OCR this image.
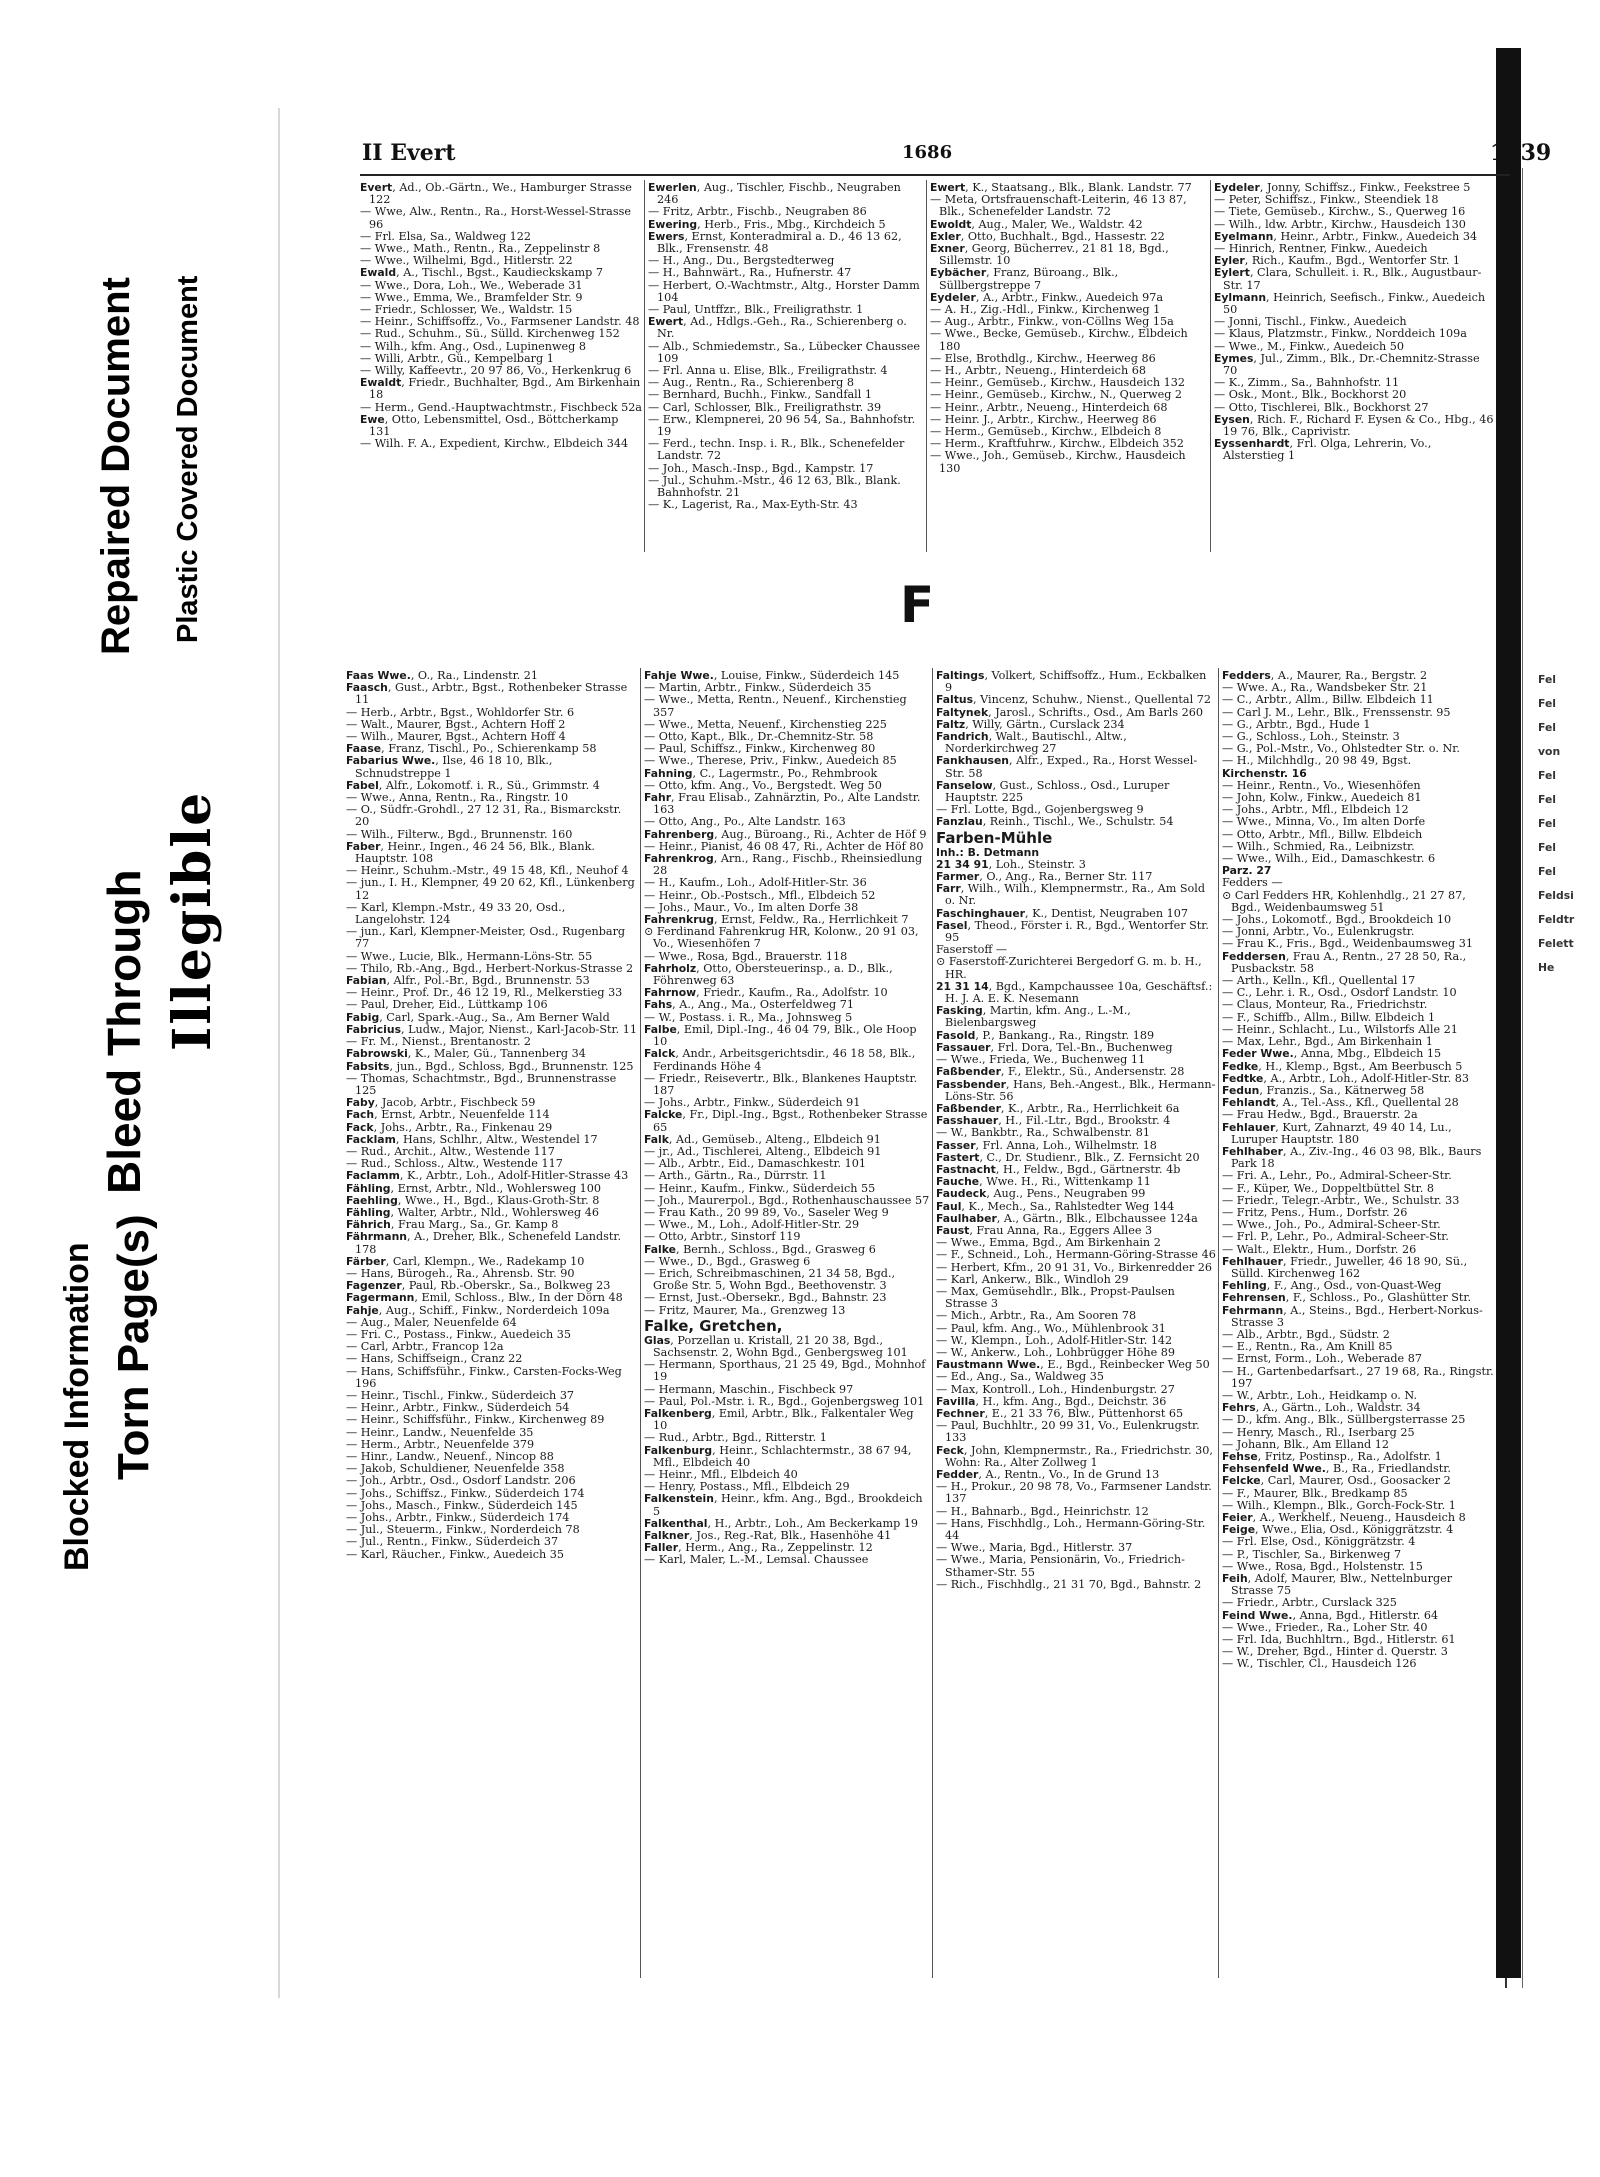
Blocked Information Torn Page(s)
Bleed Through Illegible
Repaired Document Plastic Covered Document
II Evert	1686	1939
Evert, Ad., Ob.-Gärtn., We., Hamburger Strasse 122
— Wwe, Alw., Rentn., Ra., Horst-Wessel-Strasse 96
— Frl. Elsa, Sa., Waldweg 122
— Wwe., Math., Rentn., Ra., Zeppelinstr 8
— Wwe., Wilhelmi, Bgd., Hitlerstr. 22
Ewald, A., Tischl., Bgst., Kaudieckskamp 7
— Wwe., Dora, Loh., We., Weberade 31
— Wwe., Emma, We., Bramfelder Str. 9
— Friedr., Schlosser, We., Waldstr. 15
— Heinr., Schiffsoffz., Vo., Farmsener Landstr. 48
— Rud., Schuhm., Sü., Sülld. Kirchenweg 152
— Wilh., kfm. Ang., Osd., Lupinenweg 8
— Willi, Arbtr., Gü., Kempelbarg 1
— Willy, Kaffeevtr., 20 97 86, Vo., Herkenkrug 6
Ewaldt, Friedr., Buchhalter, Bgd., Am Birkenhain 18
— Herm., Gend.-Hauptwachtmstr., Fischbeck 52a
Ewe, Otto, Lebensmittel, Osd., Böttcherkamp 131
— Wilh. F. A., Expedient, Kirchw., Elbdeich 344
Ewerlen, Aug., Tischler, Fischb., Neugraben 246
— Fritz, Arbtr., Fischb., Neugraben 86
Ewering, Herb., Fris., Mbg., Kirchdeich 5
Ewers, Ernst, Konteradmiral a. D., 46 13 62, Blk., Frensenstr. 48
— H., Ang., Du., Bergstedterweg
— H., Bahnwärt., Ra., Hufnerstr. 47
— Herbert, O.-Wachtmstr., Altg., Horster Damm 104
— Paul, Untffzr., Blk., Freiligrathstr. 1
Ewert, Ad., Hdlgs.-Geh., Ra., Schierenberg o. Nr.
— Alb., Schmiedemstr., Sa., Lübecker Chaussee 109
— Frl. Anna u. Elise, Blk., Freiligrathstr. 4
— Aug., Rentn., Ra., Schierenberg 8
— Bernhard, Buchh., Finkw., Sandfall 1
— Carl, Schlosser, Blk., Freiligrathstr. 39
— Erw., Klempnerei, 20 96 54, Sa., Bahnhofstr. 19
— Ferd., techn. Insp. i. R., Blk., Schenefelder Landstr. 72
— Joh., Masch.-Insp., Bgd., Kampstr. 17
— Jul., Schuhm.-Mstr., 46 12 63, Blk., Blank. Bahnhofstr. 21
— K., Lagerist, Ra., Max-Eyth-Str. 43
Ewert, K., Staatsang., Blk., Blank. Landstr. 77
— Meta, Ortsfrauenschaft-Leiterin, 46 13 87, Blk., Schenefelder Landstr. 72
Ewoldt, Aug., Maler, We., Waldstr. 42
Exler, Otto, Buchhalt., Bgd., Hassestr. 22
Exner, Georg, Bücherrev., 21 81 18, Bgd., Sillemstr. 10
Eybächer, Franz, Büroang., Blk., Süllbergstreppe 7
Eydeler, A., Arbtr., Finkw., Auedeich 97a
— A. H., Zig.-Hdl., Finkw., Kirchenweg 1
— Aug., Arbtr., Finkw., von-Cöllns Weg 15a
— Wwe., Becke, Gemüseb., Kirchw., Elbdeich 180
— Else, Brothdlg., Kirchw., Heerweg 86
— H., Arbtr., Neueng., Hinterdeich 68
— Heinr., Gemüseb., Kirchw., Hausdeich 132
— Heinr., Gemüseb., Kirchw., N., Querweg 2
— Heinr., Arbtr., Neueng., Hinterdeich 68
— Heinr. J., Arbtr., Kirchw., Heerweg 86
— Herm., Gemüseb., Kirchw., Elbdeich 8
— Herm., Kraftfuhrw., Kirchw., Elbdeich 352
— Wwe., Joh., Gemüseb., Kirchw., Hausdeich 130
Eydeler, Jonny, Schiffsz., Finkw., Feekstree 5
— Peter, Schiffsz., Finkw., Steendiek 18
— Tiete, Gemüseb., Kirchw., S., Querweg 16
— Wilh., ldw. Arbtr., Kirchw., Hausdeich 130
Eyelmann, Heinr., Arbtr., Finkw., Auedeich 34
— Hinrich, Rentner, Finkw., Auedeich
Eyler, Rich., Kaufm., Bgd., Wentorfer Str. 1
Eylert, Clara, Schulleit. i. R., Blk., Augustbaur-Str. 17
Eylmann, Heinrich, Seefisch., Finkw., Auedeich 50
— Jonni, Tischl., Finkw., Auedeich
— Klaus, Platzmstr., Finkw., Norddeich 109a
— Wwe., M., Finkw., Auedeich 50
Eymes, Jul., Zimm., Blk., Dr.-Chemnitz-Strasse 70
— K., Zimm., Sa., Bahnhofstr. 11
— Osk., Mont., Blk., Bockhorst 20
— Otto, Tischlerei, Blk., Bockhorst 27
Eysen, Rich. F., Richard F. Eysen & Co., Hbg., 46 19 76, Blk., Caprivistr.
Eyssenhardt, Frl. Olga, Lehrerin, Vo., Alsterstieg 1
F
Faas Wwe., O., Ra., Lindenstr. 21
Faasch, Gust., Arbtr., Bgst., Rothenbeker Strasse 11
— Herb., Arbtr., Bgst., Wohldorfer Str. 6
— Walt., Maurer, Bgst., Achtern Hoff 2
— Wilh., Maurer, Bgst., Achtern Hoff 4
Faase, Franz, Tischl., Po., Schierenkamp 58
Fabarius Wwe., Ilse, 46 18 10, Blk., Schnudstreppe 1
Fabel, Alfr., Lokomotf. i. R., Sü., Grimmstr. 4
— Wwe., Anna, Rentn., Ra., Ringstr. 10
— O., Südfr.-Grohdl., 27 12 31, Ra., Bismarckstr. 20
— Wilh., Filterw., Bgd., Brunnenstr. 160
Faber, Heinr., Ingen., 46 24 56, Blk., Blank. Hauptstr. 108
— Heinr., Schuhm.-Mstr., 49 15 48, Kfl., Neuhof 4
— jun., I. H., Klempner, 49 20 62, Kfl., Lünkenberg 12
— Karl, Klempn.-Mstr., 49 33 20, Osd., Langelohstr. 124
— jun., Karl, Klempner-Meister, Osd., Rugenbarg 77
— Wwe., Lucie, Blk., Hermann-Löns-Str. 55
— Thilo, Rb.-Ang., Bgd., Herbert-Norkus-Strasse 2
Fabian, Alfr., Pol.-Br., Bgd., Brunnenstr. 53
— Heinr., Prof. Dr., 46 12 19, Rl., Melkerstieg 33
— Paul, Dreher, Eid., Lüttkamp 106
Fabig, Carl, Spark.-Aug., Sa., Am Berner Wald
Fabricius, Ludw., Major, Nienst., Karl-Jacob-Str. 11
— Fr. M., Nienst., Brentanostr. 2
Fabrowski, K., Maler, Gü., Tannenberg 34
Fabsits, jun., Bgd., Schloss, Bgd., Brunnenstr. 125
— Thomas, Schachtmstr., Bgd., Brunnenstrasse 125
Faby, Jacob, Arbtr., Fischbeck 59
Fach, Ernst, Arbtr., Neuenfelde 114
Fack, Johs., Arbtr., Ra., Finkenau 29
Facklam, Hans, Schlhr., Altw., Westendel 17
— Rud., Archit., Altw., Westende 117
— Rud., Schloss., Altw., Westende 117
Faclamm, K., Arbtr., Loh., Adolf-Hitler-Strasse 43
Fähling, Ernst, Arbtr., Nld., Wohlersweg 100
Faehling, Wwe., H., Bgd., Klaus-Groth-Str. 8
Fähling, Walter, Arbtr., Nld., Wohlersweg 46
Fährich, Frau Marg., Sa., Gr. Kamp 8
Fährmann, A., Dreher, Blk., Schenefeld Landstr. 178
Färber, Carl, Klempn., We., Radekamp 10
— Hans, Bürogeh., Ra., Ahrensb. Str. 90
Fagenzer, Paul, Rb.-Oberskr., Sa., Bolkweg 23
Fagermann, Emil, Schloss., Blw., In der Dörn 48
Fahje, Aug., Schiff., Finkw., Norderdeich 109a
— Aug., Maler, Neuenfelde 64
— Fri. C., Postass., Finkw., Auedeich 35
— Carl, Arbtr., Francop 12a
— Hans, Schiffseign., Cranz 22
— Hans, Schiffsführ., Finkw., Carsten-Focks-Weg 196
— Heinr., Tischl., Finkw., Süderdeich 37
— Heinr., Arbtr., Finkw., Süderdeich 54
— Heinr., Schiffsführ., Finkw., Kirchenweg 89
— Heinr., Landw., Neuenfelde 35
— Herm., Arbtr., Neuenfelde 379
— Hinr., Landw., Neuenf., Nincop 88
— Jakob, Schuldiener, Neuenfelde 358
— Joh., Arbtr., Osd., Osdorf Landstr. 206
— Johs., Schiffsz., Finkw., Süderdeich 174
— Johs., Masch., Finkw., Süderdeich 145
— Johs., Arbtr., Finkw., Süderdeich 174
— Jul., Steuerm., Finkw., Norderdeich 78
— Jul., Rentn., Finkw., Süderdeich 37
— Karl, Räucher., Finkw., Auedeich 35
Fahje Wwe., Louise, Finkw., Süderdeich 145
— Martin, Arbtr., Finkw., Süderdeich 35
— Wwe., Metta, Rentn., Neuenf., Kirchenstieg 357
— Wwe., Metta, Neuenf., Kirchenstieg 225
— Otto, Kapt., Blk., Dr.-Chemnitz-Str. 58
— Paul, Schiffsz., Finkw., Kirchenweg 80
— Wwe., Therese, Priv., Finkw., Auedeich 85
Fahning, C., Lagermstr., Po., Rehmbrook
— Otto, kfm. Ang., Vo., Bergstedt. Weg 50
Fahr, Frau Elisab., Zahnärztin, Po., Alte Landstr. 163
— Otto, Ang., Po., Alte Landstr. 163
Fahrenberg, Aug., Büroang., Ri., Achter de Höf 9
— Heinr., Pianist, 46 08 47, Ri., Achter de Höf 80
Fahrenkrog, Arn., Rang., Fischb., Rheinsiedlung 28
— H., Kaufm., Loh., Adolf-Hitler-Str. 36
— Heinr., Ob.-Postsch., Mfl., Elbdeich 52
— Johs., Maur., Vo., Im alten Dorfe 38
Fahrenkrug, Ernst, Feldw., Ra., Herrlichkeit 7
⊙ Ferdinand Fahrenkrug HR, Kolonw., 20 91 03, Vo., Wiesenhöfen 7
— Wwe., Rosa, Bgd., Brauerstr. 118
Fahrholz, Otto, Obersteuerinsp., a. D., Blk., Föhrenweg 63
Fahrnow, Friedr., Kaufm., Ra., Adolfstr. 10
Fahs, A., Ang., Ma., Osterfeldweg 71
— W., Postass. i. R., Ma., Johnsweg 5
Falbe, Emil, Dipl.-Ing., 46 04 79, Blk., Ole Hoop 10
Falck, Andr., Arbeitsgerichtsdir., 46 18 58, Blk., Ferdinands Höhe 4
— Friedr., Reisevertr., Blk., Blankenes Hauptstr. 187
— Johs., Arbtr., Finkw., Süderdeich 91
Falcke, Fr., Dipl.-Ing., Bgst., Rothenbeker Strasse 65
Falk, Ad., Gemüseb., Alteng., Elbdeich 91
— jr., Ad., Tischlerei, Alteng., Elbdeich 91
— Alb., Arbtr., Eid., Damaschkestr. 101
— Arth., Gärtn., Ra., Dürrstr. 11
— Heinr., Kaufm., Finkw., Süderdeich 55
— Joh., Maurerpol., Bgd., Rothenhauschaussee 57
— Frau Kath., 20 99 89, Vo., Saseler Weg 9
— Wwe., M., Loh., Adolf-Hitler-Str. 29
— Otto, Arbtr., Sinstorf 119
Falke, Bernh., Schloss., Bgd., Grasweg 6
— Wwe., D., Bgd., Grasweg 6
— Erich, Schreibmaschinen, 21 34 58, Bgd., Große Str. 5, Wohn Bgd., Beethovenstr. 3
— Ernst, Just.-Obersekr., Bgd., Bahnstr. 23
— Fritz, Maurer, Ma., Grenzweg 13
Falke, Gretchen,
Glas, Porzellan u. Kristall, 21 20 38, Bgd., Sachsenstr. 2, Wohn Bgd., Genbergsweg 101
— Hermann, Sporthaus, 21 25 49, Bgd., Mohnhof 19
— Hermann, Maschin., Fischbeck 97
— Paul, Pol.-Mstr. i. R., Bgd., Gojenbergsweg 101
Falkenberg, Emil, Arbtr., Blk., Falkentaler Weg 10
— Rud., Arbtr., Bgd., Ritterstr. 1
Falkenburg, Heinr., Schlachtermstr., 38 67 94, Mfl., Elbdeich 40
— Heinr., Mfl., Elbdeich 40
— Henry, Postass., Mfl., Elbdeich 29
Falkenstein, Heinr., kfm. Ang., Bgd., Brookdeich 5
Falkenthal, H., Arbtr., Loh., Am Beckerkamp 19
Falkner, Jos., Reg.-Rat, Blk., Hasenhöhe 41
Faller, Herm., Ang., Ra., Zeppelinstr. 12
— Karl, Maler, L.-M., Lemsal. Chaussee
Faltings, Volkert, Schiffsoffz., Hum., Eckbalken 9
Faltus, Vincenz, Schuhw., Nienst., Quellental 72
Faltynek, Jarosl., Schrifts., Osd., Am Barls 260
Faltz, Willy, Gärtn., Curslack 234
Fandrich, Walt., Bautischl., Altw., Norderkirchweg 27
Fankhausen, Alfr., Exped., Ra., Horst Wessel-Str. 58
Fanselow, Gust., Schloss., Osd., Luruper Hauptstr. 225
— Frl. Lotte, Bgd., Gojenbergsweg 9
Fanzlau, Reinh., Tischl., We., Schulstr. 54
Farben-Mühle
Inh.: B. Detmann
21 34 91, Loh., Steinstr. 3
Farmer, O., Ang., Ra., Berner Str. 117
Farr, Wilh., Wilh., Klempnermstr., Ra., Am Sold o. Nr.
Faschinghauer, K., Dentist, Neugraben 107
Fasel, Theod., Förster i. R., Bgd., Wentorfer Str. 95
Faserstoff —
⊙ Faserstoff-Zurichterei Bergedorf G. m. b. H., HR.
21 31 14, Bgd., Kampchaussee 10a, Geschäftsf.: H. J. A. E. K. Nesemann
Fasking, Martin, kfm. Ang., L.-M., Bielenbargsweg
Fasold, P., Bankang., Ra., Ringstr. 189
Fassauer, Frl. Dora, Tel.-Bn., Buchenweg
— Wwe., Frieda, We., Buchenweg 11
Faßbender, F., Elektr., Sü., Andersenstr. 28
Fassbender, Hans, Beh.-Angest., Blk., Hermann-Löns-Str. 56
Faßbender, K., Arbtr., Ra., Herrlichkeit 6a
Fasshauer, H., Fil.-Ltr., Bgd., Brookstr. 4
— W., Bankbtr., Ra., Schwalbenstr. 81
Fasser, Frl. Anna, Loh., Wilhelmstr. 18
Fastert, C., Dr. Studienr., Blk., Z. Fernsicht 20
Fastnacht, H., Feldw., Bgd., Gärtnerstr. 4b
Fauche, Wwe. H., Ri., Wittenkamp 11
Faudeck, Aug., Pens., Neugraben 99
Faul, K., Mech., Sa., Rahlstedter Weg 144
Faulhaber, A., Gärtn., Blk., Elbchaussee 124a
Faust, Frau Anna, Ra., Eggers Allee 3
— Wwe., Emma, Bgd., Am Birkenhain 2
— F., Schneid., Loh., Hermann-Göring-Strasse 46
— Herbert, Kfm., 20 91 31, Vo., Birkenredder 26
— Karl, Ankerw., Blk., Windloh 29
— Max, Gemüsehdlr., Blk., Propst-Paulsen Strasse 3
— Mich., Arbtr., Ra., Am Sooren 78
— Paul, kfm. Ang., Wo., Mühlenbrook 31
— W., Klempn., Loh., Adolf-Hitler-Str. 142
— W., Ankerw., Loh., Lohbrügger Höhe 89
Faustmann Wwe., E., Bgd., Reinbecker Weg 50
— Ed., Ang., Sa., Waldweg 35
— Max, Kontroll., Loh., Hindenburgstr. 27
Favilla, H., kfm. Ang., Bgd., Deichstr. 36
Fechner, E., 21 33 76, Blw., Püttenhorst 65
— Paul, Buchhltr., 20 99 31, Vo., Eulenkrugstr. 133
Feck, John, Klempnermstr., Ra., Friedrichstr. 30, Wohn: Ra., Alter Zollweg 1
Fedder, A., Rentn., Vo., In de Grund 13
— H., Prokur., 20 98 78, Vo., Farmsener Landstr. 137
— H., Bahnarb., Bgd., Heinrichstr. 12
— Hans, Fischhdlg., Loh., Hermann-Göring-Str. 44
— Wwe., Maria, Bgd., Hitlerstr. 37
— Wwe., Maria, Pensionärin, Vo., Friedrich-Sthamer-Str. 55
— Rich., Fischhdlg., 21 31 70, Bgd., Bahnstr. 2
Fedders, A., Maurer, Ra., Bergstr. 2
— Wwe. A., Ra., Wandsbeker Str. 21
— C., Arbtr., Allm., Billw. Elbdeich 11
— Carl J. M., Lehr., Blk., Frenssenstr. 95
— G., Arbtr., Bgd., Hude 1
— G., Schloss., Loh., Steinstr. 3
— G., Pol.-Mstr., Vo., Ohlstedter Str. o. Nr.
— H., Milchhdlg., 20 98 49, Bgst.
Kirchenstr. 16
— Heinr., Rentn., Vo., Wiesenhöfen
— John, Kolw., Finkw., Auedeich 81
— Johs., Arbtr., Mfl., Elbdeich 12
— Wwe., Minna, Vo., Im alten Dorfe
— Otto, Arbtr., Mfl., Billw. Elbdeich
— Wilh., Schmied, Ra., Leibnizstr.
— Wwe., Wilh., Eid., Damaschkestr. 6
Parz. 27
Fedders —
⊙ Carl Fedders HR, Kohlenhdlg., 21 27 87, Bgd., Weidenbaumsweg 51
— Johs., Lokomotf., Bgd., Brookdeich 10
— Jonni, Arbtr., Vo., Eulenkrugstr.
— Frau K., Fris., Bgd., Weidenbaumsweg 31
Feddersen, Frau A., Rentn., 27 28 50, Ra., Pusbackstr. 58
— Arth., Kelln., Kfl., Quellental 17
— C., Lehr. i. R., Osd., Osdorf Landstr. 10
— Claus, Monteur, Ra., Friedrichstr.
— F., Schiffb., Allm., Billw. Elbdeich 1
— Heinr., Schlacht., Lu., Wilstorfs Alle 21
— Max, Lehr., Bgd., Am Birkenhain 1
Feder Wwe., Anna, Mbg., Elbdeich 15
Fedke, H., Klemp., Bgst., Am Beerbusch 5
Fedtke, A., Arbtr., Loh., Adolf-Hitler-Str. 83
Fedun, Franzis., Sa., Kätnerweg 58
Fehlandt, A., Tel.-Ass., Kfl., Quellental 28
— Frau Hedw., Bgd., Brauerstr. 2a
Fehlauer, Kurt, Zahnarzt, 49 40 14, Lu., Luruper Hauptstr. 180
Fehlhaber, A., Ziv.-Ing., 46 03 98, Blk., Baurs Park 18
— Fri. A., Lehr., Po., Admiral-Scheer-Str.
— F., Küper, We., Doppeltbüttel Str. 8
— Friedr., Telegr.-Arbtr., We., Schulstr. 33
— Fritz, Pens., Hum., Dorfstr. 26
— Wwe., Joh., Po., Admiral-Scheer-Str.
— Frl. P., Lehr., Po., Admiral-Scheer-Str.
— Walt., Elektr., Hum., Dorfstr. 26
Fehlhauer, Friedr., Juweller, 46 18 90, Sü., Sülld. Kirchenweg 162
Fehling, F., Ang., Osd., von-Quast-Weg
Fehrensen, F., Schloss., Po., Glashütter Str.
Fehrmann, A., Steins., Bgd., Herbert-Norkus-Strasse 3
— Alb., Arbtr., Bgd., Südstr. 2
— E., Rentn., Ra., Am Knill 85
— Ernst, Form., Loh., Weberade 87
— H., Gartenbedarfsart., 27 19 68, Ra., Ringstr. 197
— W., Arbtr., Loh., Heidkamp o. N.
Fehrs, A., Gärtn., Loh., Waldstr. 34
— D., kfm. Ang., Blk., Süllbergsterrasse 25
— Henry, Masch., Rl., Iserbarg 25
— Johann, Blk., Am Elland 12
Fehse, Fritz, Postinsp., Ra., Adolfstr. 1
Fehsenfeld Wwe., B., Ra., Friedlandstr.
Felcke, Carl, Maurer, Osd., Goosacker 2
— F., Maurer, Blk., Bredkamp 85
— Wilh., Klempn., Blk., Gorch-Fock-Str. 1
Feier, A., Werkhelf., Neueng., Hausdeich 8
Feige, Wwe., Elia, Osd., Königgrätzstr. 4
— Frl. Else, Osd., Königgrätzstr. 4
— P., Tischler, Sa., Birkenweg 7
— Wwe., Rosa, Bgd., Holstenstr. 15
Feih, Adolf, Maurer, Blw., Nettelnburger Strasse 75
— Friedr., Arbtr., Curslack 325
Feind Wwe., Anna, Bgd., Hitlerstr. 64
— Wwe., Frieder., Ra., Loher Str. 40
— Frl. Ida, Buchhltrn., Bgd., Hitlerstr. 61
— W., Dreher, Bgd., Hinter d. Querstr. 3
— W., Tischler, Cl., Hausdeich 126
Fel
Fel
Fel
von
Fel
Fel
Fel
Fel
Fel
Feldsi
Feldtr
Felett
He
